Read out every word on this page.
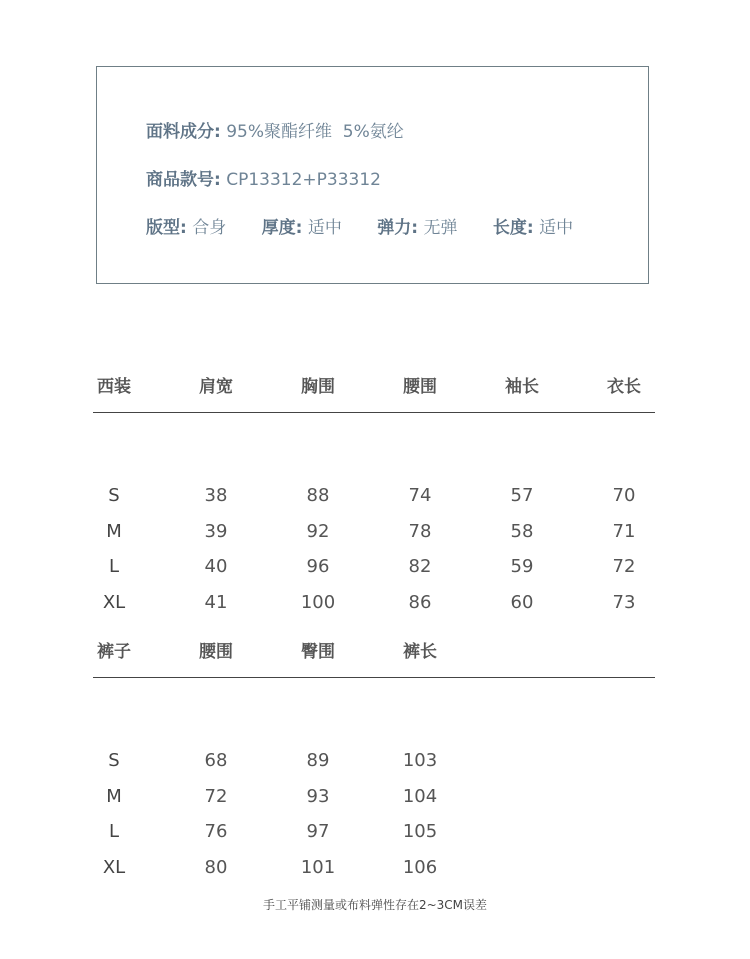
面料成分: 95%聚酯纤维  5%氨纶
商品款号: CP13312+P33312
版型: 合身 厚度: 适中 弹力: 无弹 长度: 适中
西装	肩宽	胸围	腰围	袖长	衣长
S	38	88	74	57	70
M	39	92	78	58	71
L	40	96	82	59	72
XL	41	100	86	60	73
裤子	腰围	臀围	裤长
S	68	89	103
M	72	93	104
L	76	97	105
XL	80	101	106
手工平铺测量或布料弹性存在2~3CM误差
